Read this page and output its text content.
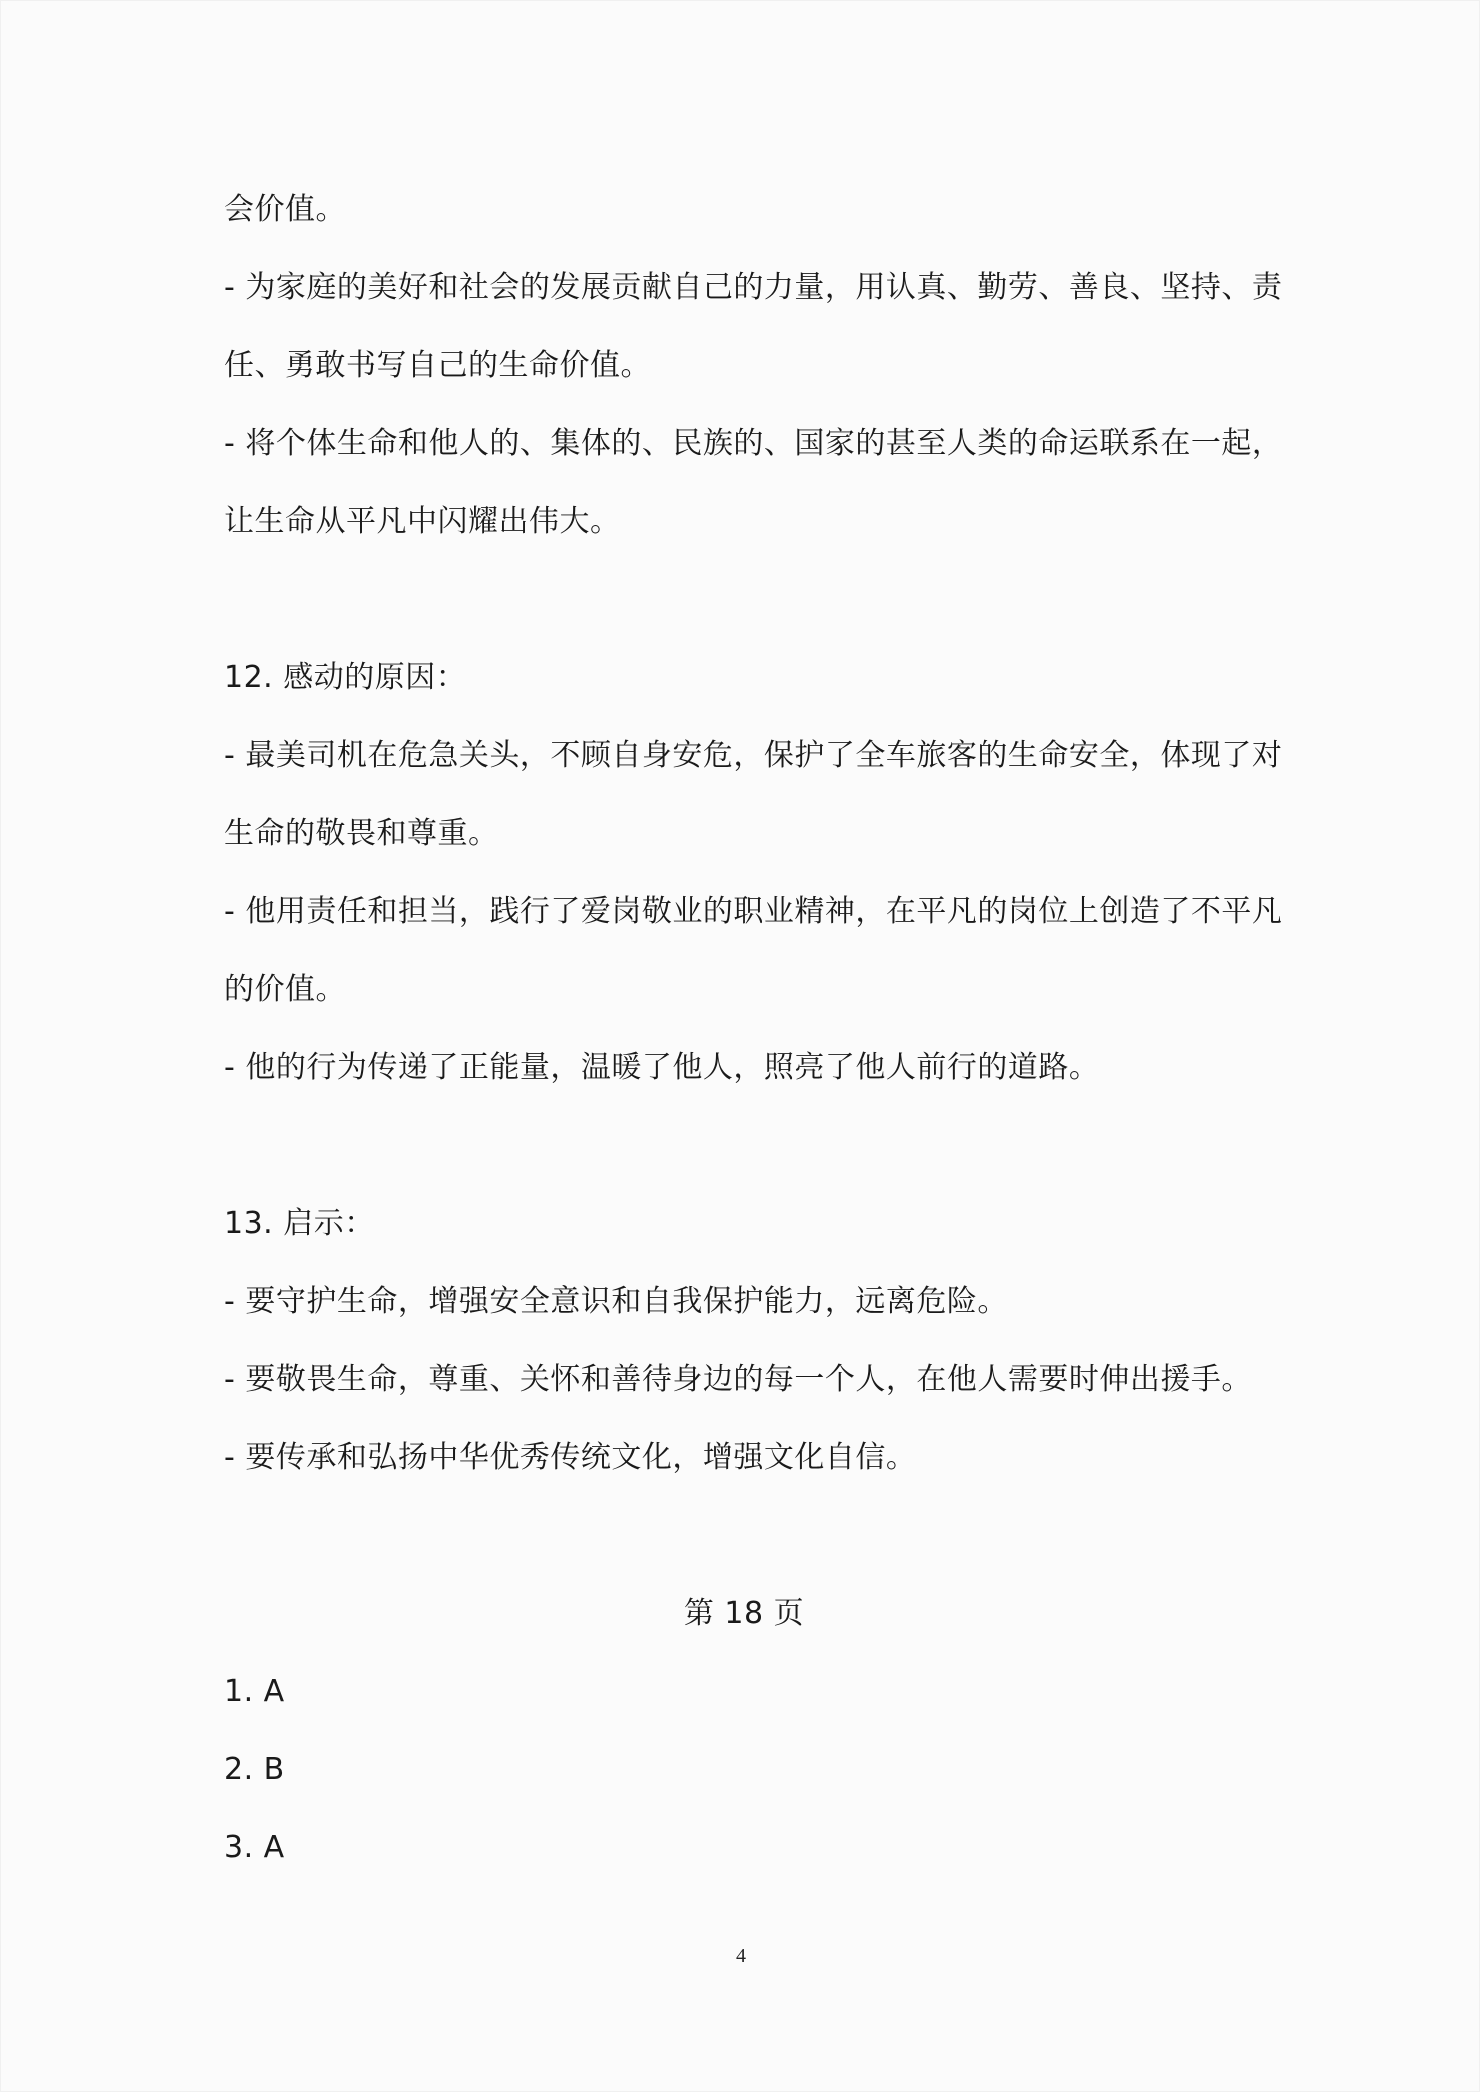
会价值。
- 为家庭的美好和社会的发展贡献自己的力量，用认真、勤劳、善良、坚持、责
任、勇敢书写自己的生命价值。
- 将个体生命和他人的、集体的、民族的、国家的甚至人类的命运联系在一起，
让生命从平凡中闪耀出伟大。
12. 感动的原因：
- 最美司机在危急关头，不顾自身安危，保护了全车旅客的生命安全，体现了对
生命的敬畏和尊重。
- 他用责任和担当，践行了爱岗敬业的职业精神，在平凡的岗位上创造了不平凡
的价值。
- 他的行为传递了正能量，温暖了他人，照亮了他人前行的道路。
13. 启示：
- 要守护生命，增强安全意识和自我保护能力，远离危险。
- 要敬畏生命，尊重、关怀和善待身边的每一个人，在他人需要时伸出援手。
- 要传承和弘扬中华优秀传统文化，增强文化自信。
第 18 页
1. A
2. B
3. A
4
